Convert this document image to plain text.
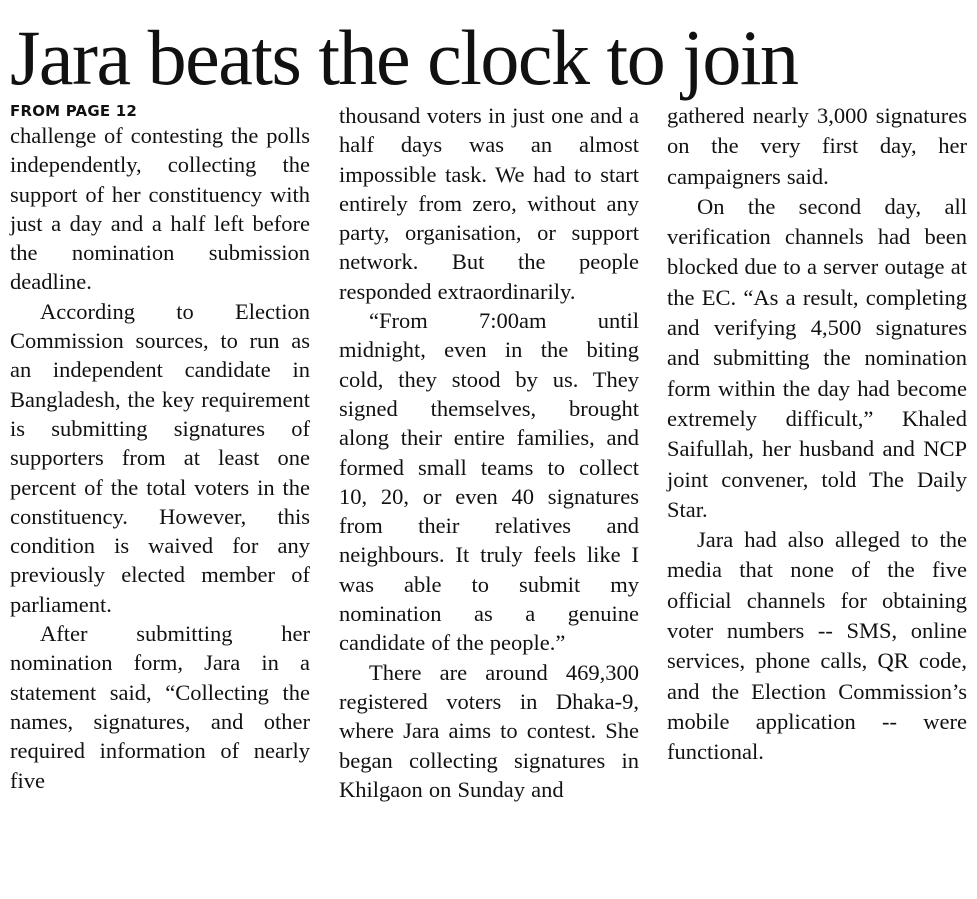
Jara beats the clock to join

FROM PAGE 12

challenge of contesting the polls independently, collecting the support of her constituency with just a day and a half left before the nomination submission deadline.

According to Election Commission sources, to run as an independent candidate in Bangladesh, the key requirement is submitting signatures of supporters from at least one percent of the total voters in the constituency. However, this condition is waived for any previously elected member of parliament.

After submitting her nomination form, Jara in a statement said, “Collecting the names, signatures, and other required information of nearly five

thousand voters in just one and a half days was an almost impossible task. We had to start entirely from zero, without any party, organisation, or support network. But the people responded extraordinarily.

“From 7:00am until midnight, even in the biting cold, they stood by us. They signed themselves, brought along their entire families, and formed small teams to collect 10, 20, or even 40 signatures from their relatives and neighbours. It truly feels like I was able to submit my nomination as a genuine candidate of the people.”

There are around 469,300 registered voters in Dhaka-9, where Jara aims to contest. She began collecting signatures in Khilgaon on Sunday and

gathered nearly 3,000 signatures on the very first day, her campaigners said.

On the second day, all verification channels had been blocked due to a server outage at the EC. “As a result, completing and verifying 4,500 signatures and submitting the nomination form within the day had become extremely difficult,” Khaled Saifullah, her husband and NCP joint convener, told The Daily Star.

Jara had also alleged to the media that none of the five official channels for obtaining voter numbers -- SMS, online services, phone calls, QR code, and the Election Commission’s mobile application -- were functional.
